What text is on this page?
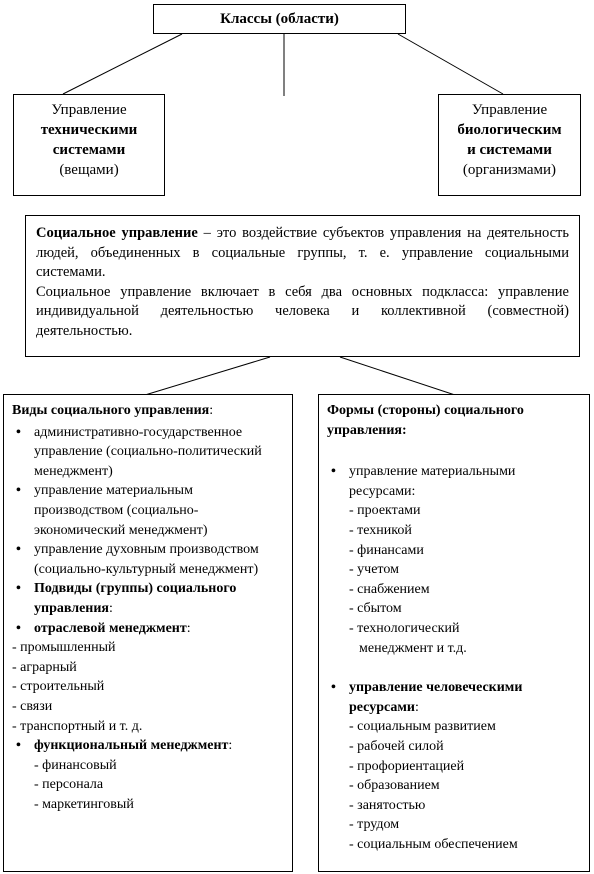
Классы (области)
Управление
техническими
системами
(вещами)
Управление
биологическим
и системами
(организмами)

Социальное управление – это воздействие субъектов управления на деятельность людей, объединенных в социальные группы, т. е. управление социальными системами.

Социальное управление включает в себя два основных подкласса: управление индивидуальной деятельностью человека и коллективной (совместной) деятельностью.

Виды социального управления:
• административно-государственное управление (социально-политический менеджмент)
• управление материальным производством (социально-экономический менеджмент)
• управление духовным производством (социально-культурный менеджмент)
• Подвиды (группы) социального управления:
• отраслевой менеджмент:
- промышленный
- аграрный
- строительный
- связи
- транспортный и т. д.
• функциональный менеджмент:
- финансовый
- персонала
- маркетинговый
Формы (стороны) социального управления:
• управление материальными ресурсами:
- проектами
- техникой
- финансами
- учетом
- снабжением
- сбытом
- технологический
менеджмент и т.д.
• управление человеческими ресурсами:
- социальным развитием
- рабочей силой
- профориентацией
- образованием
- занятостью
- трудом
- социальным обеспечением
